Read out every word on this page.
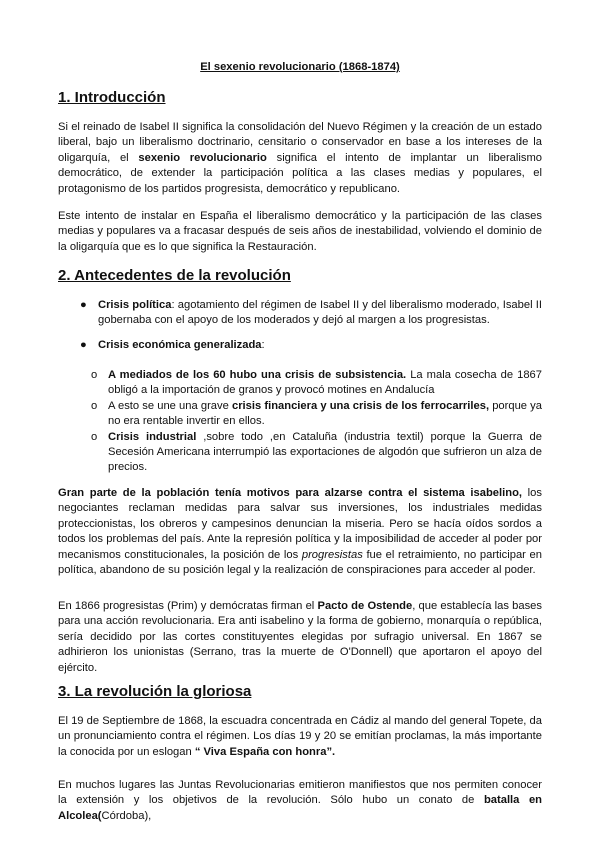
El sexenio revolucionario (1868-1874)
1. Introducción

Si el reinado de Isabel II significa la consolidación del Nuevo Régimen y la creación de un estado liberal, bajo un liberalismo doctrinario, censitario o conservador en base a los intereses de la oligarquía, el sexenio revolucionario significa el intento de implantar un liberalismo democrático, de extender la participación política a las clases medias y populares, el protagonismo de los partidos progresista, democrático y republicano.

Este intento de instalar en España el liberalismo democrático y la participación de las clases medias y populares va a fracasar después de seis años de inestabilidad, volviendo el dominio de la oligarquía que es lo que significa la Restauración.

2. Antecedentes de la revolución
● Crisis política: agotamiento del régimen de Isabel II y del liberalismo moderado, Isabel II gobernaba con el apoyo de los moderados y dejó al margen a los progresistas.
● Crisis económica generalizada:
o A mediados de los 60 hubo una crisis de subsistencia. La mala cosecha de 1867 obligó a la importación de granos y provocó motines en Andalucía
o A esto se une una grave crisis financiera y una crisis de los ferrocarriles, porque ya no era rentable invertir en ellos.
o Crisis industrial ,sobre todo ,en Cataluña (industria textil) porque la Guerra de Secesión Americana interrumpió las exportaciones de algodón que sufrieron un alza de precios.

Gran parte de la población tenía motivos para alzarse contra el sistema isabelino, los negociantes reclaman medidas para salvar sus inversiones, los industriales medidas proteccionistas, los obreros y campesinos denuncian la miseria. Pero se hacía oídos sordos a todos los problemas del país. Ante la represión política y la imposibilidad de acceder al poder por mecanismos constitucionales, la posición de los progresistas fue el retraimiento, no participar en política, abandono de su posición legal y la realización de conspiraciones para acceder al poder.

En 1866 progresistas (Prim) y demócratas firman el Pacto de Ostende, que establecía las bases para una acción revolucionaria. Era anti isabelino y la forma de gobierno, monarquía o república, sería decidido por las cortes constituyentes elegidas por sufragio universal. En 1867 se adhirieron los unionistas (Serrano, tras la muerte de O'Donnell) que aportaron el apoyo del ejército.

3. La revolución la gloriosa

El 19 de Septiembre de 1868, la escuadra concentrada en Cádiz al mando del general Topete, da un pronunciamiento contra el régimen. Los días 19 y 20 se emitían proclamas, la más importante la conocida por un eslogan “ Viva España con honra”.

En muchos lugares las Juntas Revolucionarias emitieron manifiestos que nos permiten conocer la extensión y los objetivos de la revolución. Sólo hubo un conato de batalla en Alcolea(Córdoba),
